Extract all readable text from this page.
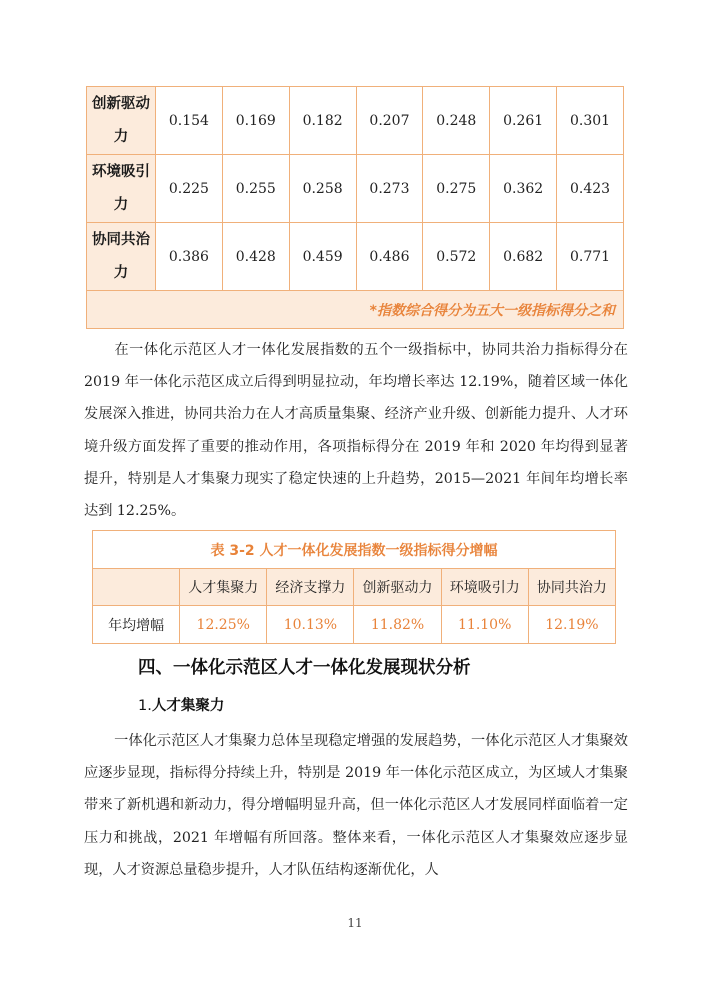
创新驱动
力	0.154	0.169	0.182	0.207	0.248	0.261	0.301
环境吸引
力	0.225	0.255	0.258	0.273	0.275	0.362	0.423
协同共治
力	0.386	0.428	0.459	0.486	0.572	0.682	0.771
*指数综合得分为五大一级指标得分之和							

在一体化示范区人才一体化发展指数的五个一级指标中，协同共治力指标得分在 2019 年一体化示范区成立后得到明显拉动，年均增长率达 12.19%，随着区域一体化发展深入推进，协同共治力在人才高质量集聚、经济产业升级、创新能力提升、人才环境升级方面发挥了重要的推动作用，各项指标得分在 2019 年和 2020 年均得到显著提升，特别是人才集聚力现实了稳定快速的上升趋势，2015—2021 年间年均增长率达到 12.25%。

表 3-2 人才一体化发展指数一级指标得分增幅					
	人才集聚力	经济支撑力	创新驱动力	环境吸引力	协同共治力
年均增幅	12.25%	10.13%	11.82%	11.10%	12.19%
四、一体化示范区人才一体化发展现状分析
1.人才集聚力

一体化示范区人才集聚力总体呈现稳定增强的发展趋势，一体化示范区人才集聚效应逐步显现，指标得分持续上升，特别是 2019 年一体化示范区成立，为区域人才集聚带来了新机遇和新动力，得分增幅明显升高，但一体化示范区人才发展同样面临着一定压力和挑战，2021 年增幅有所回落。整体来看，一体化示范区人才集聚效应逐步显现，人才资源总量稳步提升，人才队伍结构逐渐优化，人

11
